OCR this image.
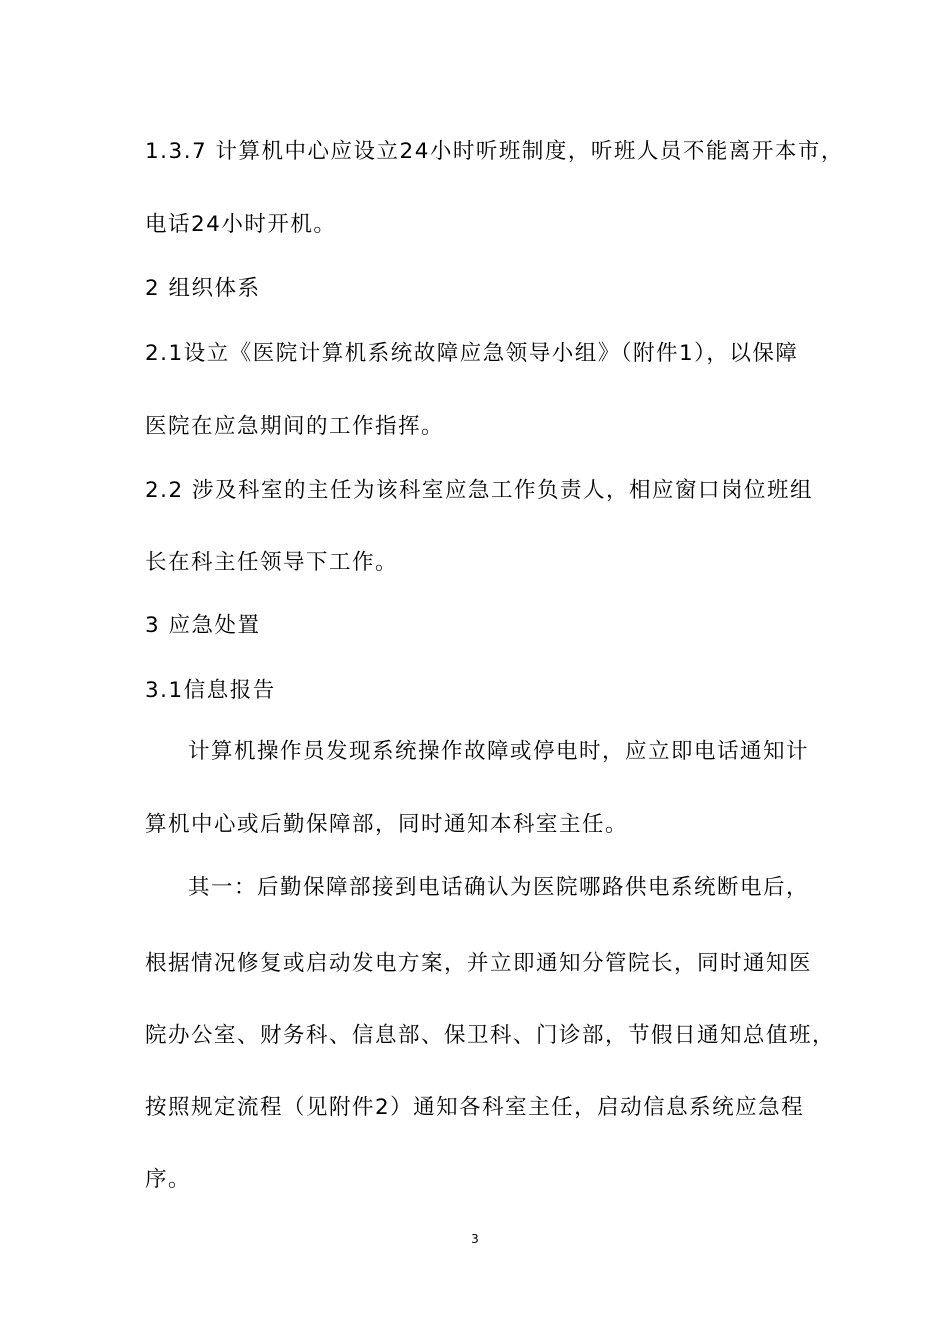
1.3.7 计算机中心应设立24小时听班制度，听班人员不能离开本市，
电话24小时开机。
2 组织体系
2.1设立《医院计算机系统故障应急领导小组》（附件1），以保障
医院在应急期间的工作指挥。
2.2 涉及科室的主任为该科室应急工作负责人，相应窗口岗位班组
长在科主任领导下工作。
3 应急处置
3.1信息报告
计算机操作员发现系统操作故障或停电时，应立即电话通知计
算机中心或后勤保障部，同时通知本科室主任。
其一：后勤保障部接到电话确认为医院哪路供电系统断电后，
根据情况修复或启动发电方案，并立即通知分管院长，同时通知医
院办公室、财务科、信息部、保卫科、门诊部，节假日通知总值班，
按照规定流程（见附件2）通知各科室主任，启动信息系统应急程
序。
3
